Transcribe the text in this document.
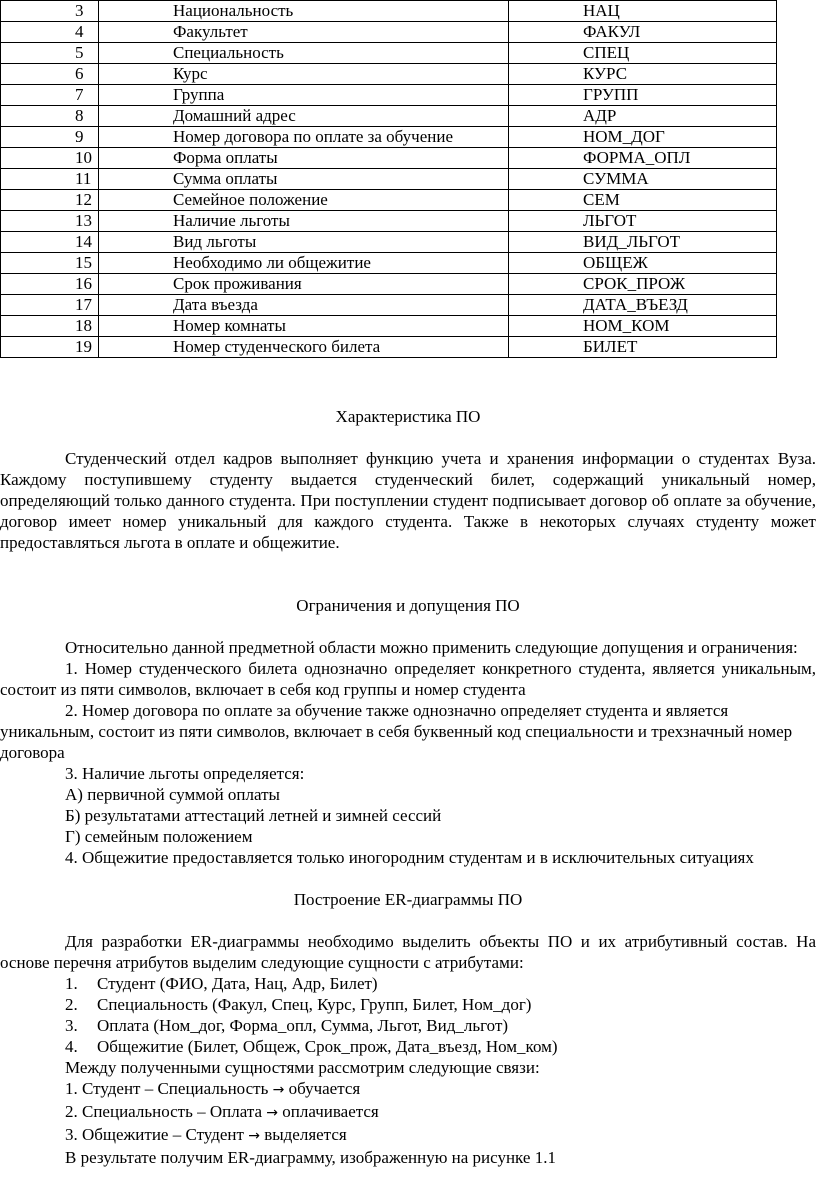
3	Национальность	НАЦ
4	Факультет	ФАКУЛ
5	Специальность	СПЕЦ
6	Курс	КУРС
7	Группа	ГРУПП
8	Домашний адрес	АДР
9	Номер договора по оплате за обучение	НОМ_ДОГ
10	Форма оплаты	ФОРМА_ОПЛ
11	Сумма оплаты	СУММА
12	Семейное положение	СЕМ
13	Наличие льготы	ЛЬГОТ
14	Вид льготы	ВИД_ЛЬГОТ
15	Необходимо ли общежитие	ОБЩЕЖ
16	Срок проживания	СРОК_ПРОЖ
17	Дата въезда	ДАТА_ВЪЕЗД
18	Номер комнаты	НОМ_КОМ
19	Номер студенческого билета	БИЛЕТ

Характеристика ПО

Студенческий отдел кадров выполняет функцию учета и хранения информации о студентах Вуза. Каждому поступившему студенту выдается студенческий билет, содержащий уникальный номер, определяющий только данного студента. При поступлении студент подписывает договор об оплате за обучение, договор имеет номер уникальный для каждого студента. Также в некоторых случаях студенту может предоставляться льгота в оплате и общежитие.

Ограничения и допущения ПО

Относительно данной предметной области можно применить следующие допущения и ограничения:

1. Номер студенческого билета однозначно определяет конкретного студента, является уникальным, состоит из пяти символов, включает в себя код группы и номер студента

2. Номер договора по оплате за обучение также однозначно определяет студента и является уникальным, состоит из пяти символов, включает в себя буквенный код специальности и трехзначный номер договора

3. Наличие льготы определяется:

А) первичной суммой оплаты

Б) результатами аттестаций летней и зимней сессий

Г) семейным положением

4. Общежитие предоставляется только иногородним студентам и в исключительных ситуациях

Построение ER-диаграммы ПО

Для разработки ER-диаграммы необходимо выделить объекты ПО и их атрибутивный состав. На основе перечня атрибутов выделим следующие сущности с атрибутами:

1. Студент (ФИО, Дата, Нац, Адр, Билет)
2. Специальность (Факул, Спец, Курс, Групп, Билет, Ном_дог)
3. Оплата (Ном_дог, Форма_опл, Сумма, Льгот, Вид_льгот)
4. Общежитие (Билет, Общеж, Срок_прож, Дата_въезд, Ном_ком)

Между полученными сущностями рассмотрим следующие связи:

1. Студент – Специальность → обучается
2. Специальность – Оплата → оплачивается
3. Общежитие – Студент → выделяется

В результате получим ER-диаграмму, изображенную на рисунке 1.1
